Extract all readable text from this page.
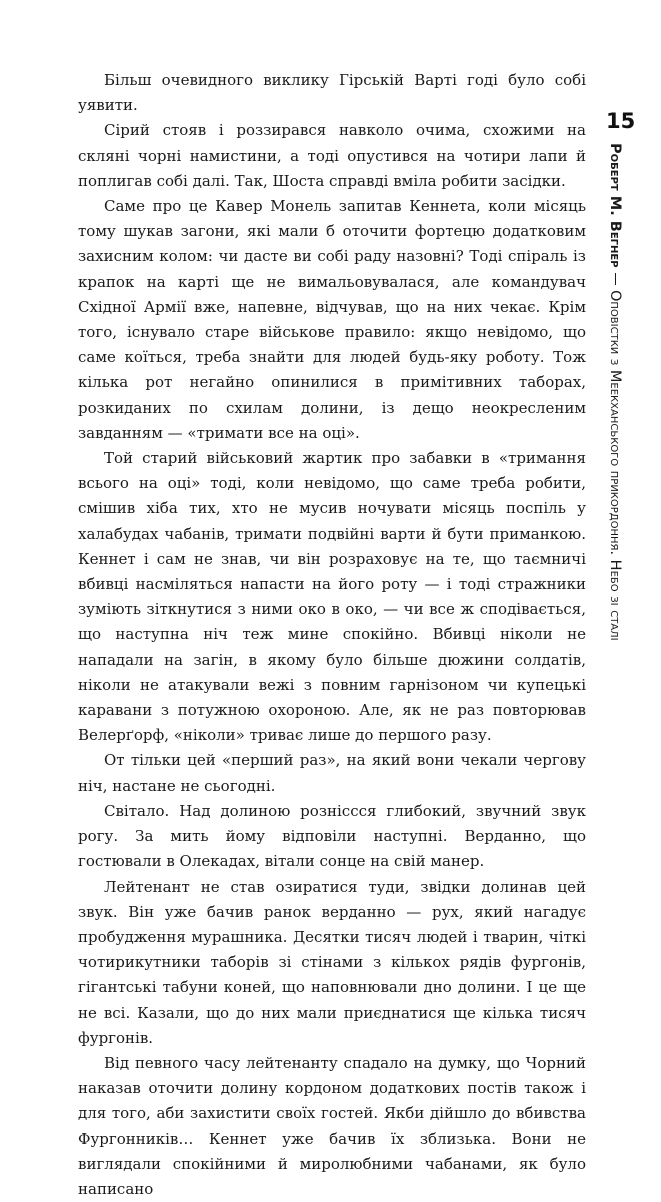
Більш очевидного виклику Гірській Варті годі було собі уявити.

Сірий стояв і роззирався навколо очима, схожими на скляні чорні намистини, а тоді опустився на чотири лапи й поплигав собі далі. Так, Шоста справді вміла робити засідки.

Саме про це Кавер Монель запитав Кеннета, коли місяць тому шукав загони, які мали б оточити фортецю додатковим захисним колом: чи дасте ви собі раду назовні? Тоді спіраль із крапок на карті ще не вимальовувалася, але командувач Східної Армії вже, напевне, відчував, що на них чекає. Крім того, існувало старе військове правило: якщо невідомо, що саме коїться, треба знайти для людей будь-яку роботу. Тож кілька рот негайно опинилися в примітивних таборах, розкиданих по схилам долини, із дещо неокресленим завданням — «тримати все на оці».

Той старий військовий жартик про забавки в «тримання всього на оці» тоді, коли невідомо, що саме треба робити, смішив хіба тих, хто не мусив ночувати місяць поспіль у халабудах чабанів, тримати подвійні варти й бути приманкою. Кеннет і сам не знав, чи він розраховує на те, що таємничі вбивці насміляться напасти на його роту — і тоді стражники зуміють зіткнутися з ними око в око, — чи все ж сподівається, що наступна ніч теж мине спокійно. Вбивці ніколи не нападали на загін, в якому було більше дюжини солдатів, ніколи не атакували вежі з повним гарнізоном чи купецькі каравани з потужною охороною. Але, як не раз повторював Велерґорф, «ніколи» триває лише до першого разу.

От тільки цей «перший раз», на який вони чекали чергову ніч, настане не сьогодні.

Світало. Над долиною розніссся глибокий, звучний звук рогу. За мить йому відповіли наступні. Верданно, що гостювали в Олекадах, вітали сонце на свій манер.

Лейтенант не став озиратися туди, звідки долинав цей звук. Він уже бачив ранок верданно — рух, який нагадує пробудження мурашника. Десятки тисяч людей і тварин, чіткі чотирикутники таборів зі стінами з кількох рядів фургонів, гігантські табуни коней, що наповнювали дно долини. І це ще не всі. Казали, що до них мали приєднатися ще кілька тисяч фургонів.

Від певного часу лейтенанту спадало на думку, що Чорний наказав оточити долину кордоном додаткових постів також і для того, аби захистити своїх гостей. Якби дійшло до вбивства Фургонників… Кеннет уже бачив їх зблизька. Вони не виглядали спокійними й миролюбними чабанами, як було написано

15
Роберт М. Вегнер
Оповістки з Меекханського прикордоння. Небо зі сталі
